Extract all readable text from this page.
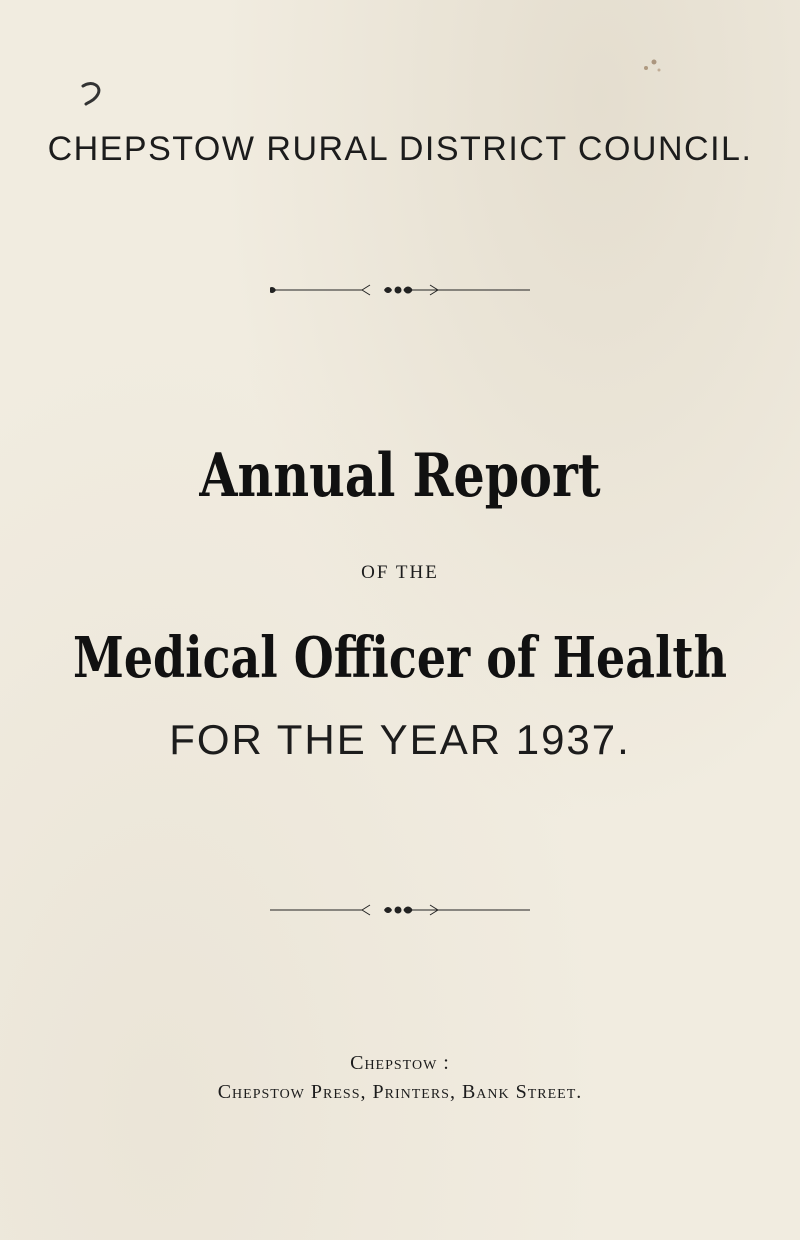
CHEPSTOW RURAL DISTRICT COUNCIL.
Annual Report
OF THE
Medical Officer of Health
FOR THE YEAR 1937.
Chepstow :
Chepstow Press, Printers, Bank Street.
